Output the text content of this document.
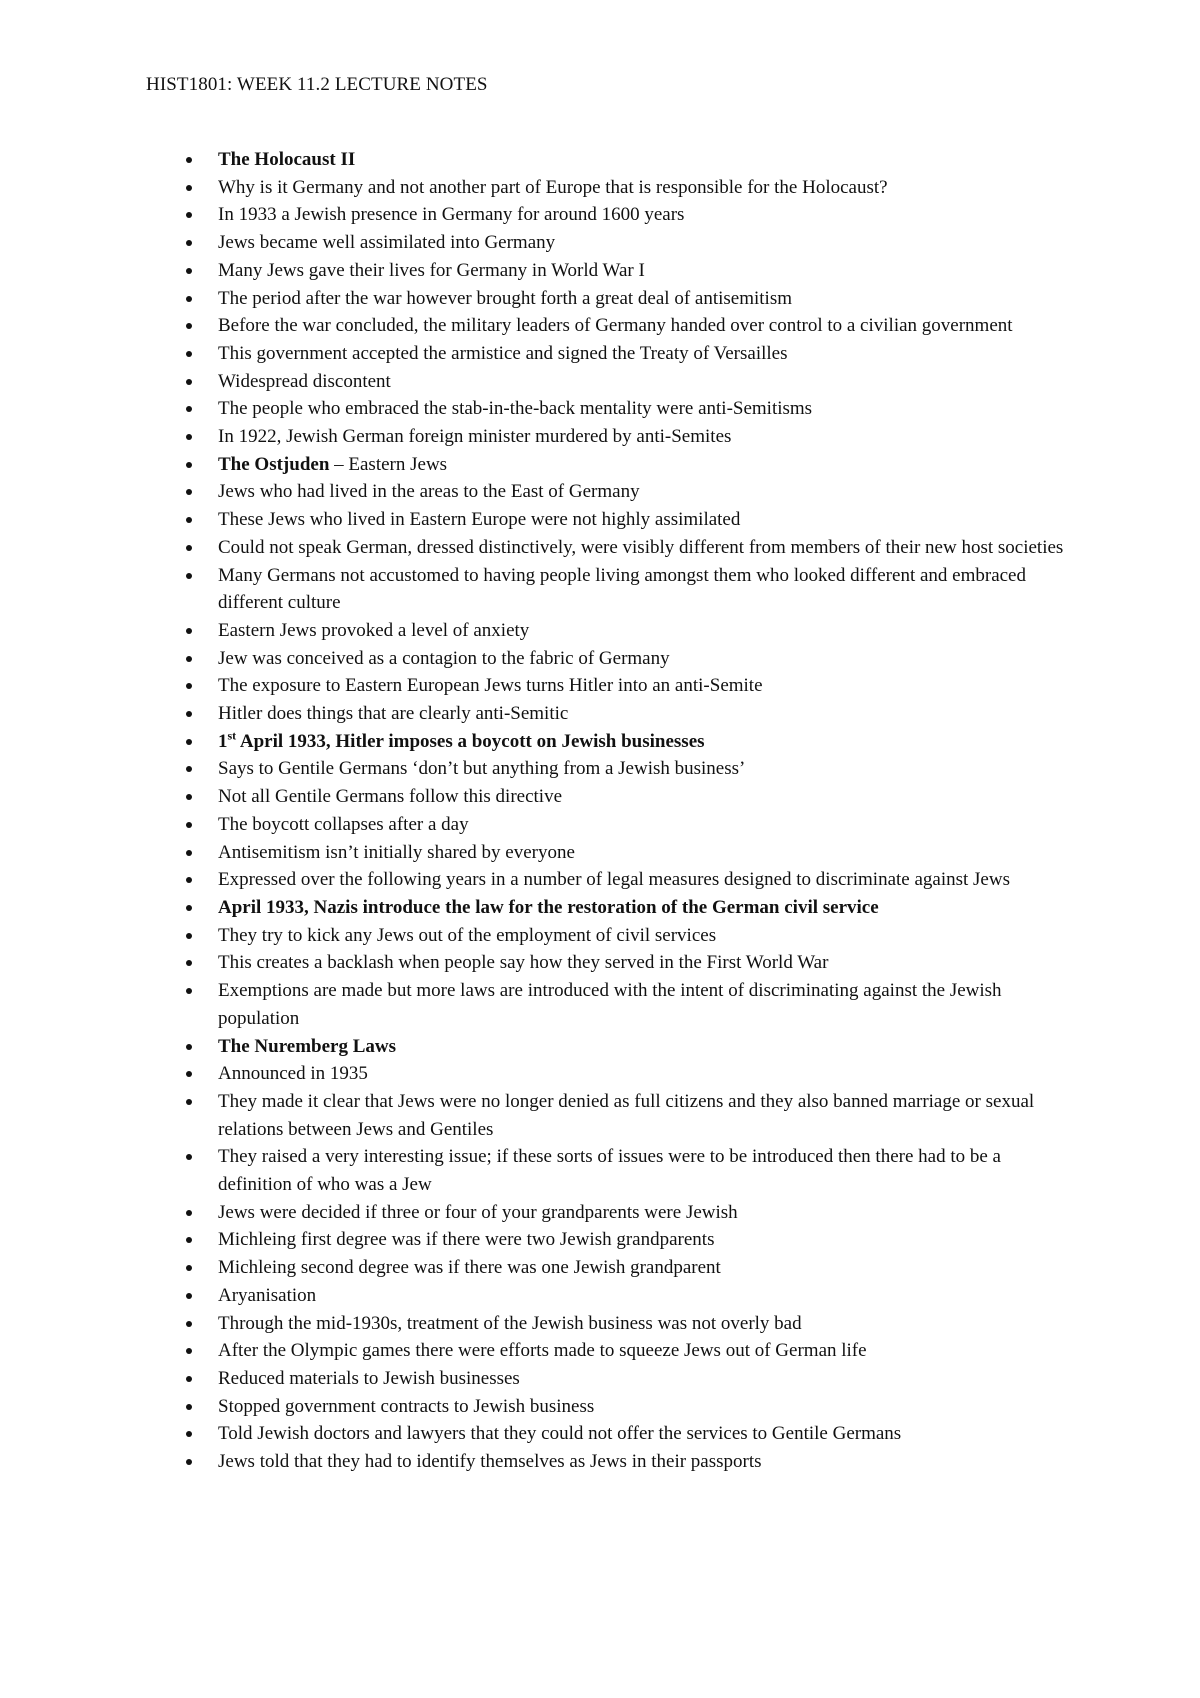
HIST1801: WEEK 11.2 LECTURE NOTES
The Holocaust II
Why is it Germany and not another part of Europe that is responsible for the Holocaust?
In 1933 a Jewish presence in Germany for around 1600 years
Jews became well assimilated into Germany
Many Jews gave their lives for Germany in World War I
The period after the war however brought forth a great deal of antisemitism
Before the war concluded, the military leaders of Germany handed over control to a civilian government
This government accepted the armistice and signed the Treaty of Versailles
Widespread discontent
The people who embraced the stab-in-the-back mentality were anti-Semitisms
In 1922, Jewish German foreign minister murdered by anti-Semites
The Ostjuden – Eastern Jews
Jews who had lived in the areas to the East of Germany
These Jews who lived in Eastern Europe were not highly assimilated
Could not speak German, dressed distinctively, were visibly different from members of their new host societies
Many Germans not accustomed to having people living amongst them who looked different and embraced different culture
Eastern Jews provoked a level of anxiety
Jew was conceived as a contagion to the fabric of Germany
The exposure to Eastern European Jews turns Hitler into an anti-Semite
Hitler does things that are clearly anti-Semitic
1st April 1933, Hitler imposes a boycott on Jewish businesses
Says to Gentile Germans ‘don’t but anything from a Jewish business’
Not all Gentile Germans follow this directive
The boycott collapses after a day
Antisemitism isn’t initially shared by everyone
Expressed over the following years in a number of legal measures designed to discriminate against Jews
April 1933, Nazis introduce the law for the restoration of the German civil service
They try to kick any Jews out of the employment of civil services
This creates a backlash when people say how they served in the First World War
Exemptions are made but more laws are introduced with the intent of discriminating against the Jewish population
The Nuremberg Laws
Announced in 1935
They made it clear that Jews were no longer denied as full citizens and they also banned marriage or sexual relations between Jews and Gentiles
They raised a very interesting issue; if these sorts of issues were to be introduced then there had to be a definition of who was a Jew
Jews were decided if three or four of your grandparents were Jewish
Michleing first degree was if there were two Jewish grandparents
Michleing second degree was if there was one Jewish grandparent
Aryanisation
Through the mid-1930s, treatment of the Jewish business was not overly bad
After the Olympic games there were efforts made to squeeze Jews out of German life
Reduced materials to Jewish businesses
Stopped government contracts to Jewish business
Told Jewish doctors and lawyers that they could not offer the services to Gentile Germans
Jews told that they had to identify themselves as Jews in their passports
